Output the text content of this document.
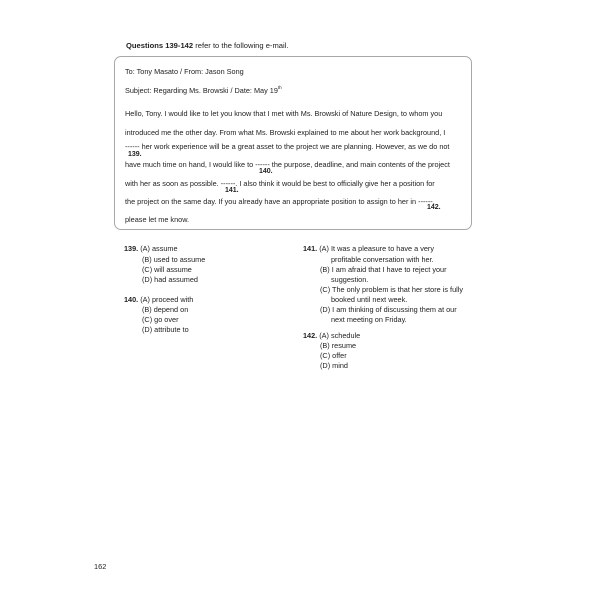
Questions 139-142 refer to the following e-mail.
To: Tony Masato / From: Jason Song
Subject: Regarding Ms. Browski / Date: May 19th
Hello, Tony. I would like to let you know that I met with Ms. Browski of Nature Design, to whom you
introduced me the other day. From what Ms. Browski explained to me about her work background, I
------ her work experience will be a great asset to the project we are planning. However, as we do not
139.
have much time on hand, I would like to ------ the purpose, deadline, and main contents of the project
140.
with her as soon as possible. ------. I also think it would be best to officially give her a position for
141.
the project on the same day. If you already have an appropriate position to assign to her in ------,
142.
please let me know.
139. (A) assume
(B) used to assume
(C) will assume
(D) had assumed
140. (A) proceed with
(B) depend on
(C) go over
(D) attribute to
141. (A) It was a pleasure to have a very
profitable conversation with her.
(B) I am afraid that I have to reject your
suggestion.
(C) The only problem is that her store is fully
booked until next week.
(D) I am thinking of discussing them at our
next meeting on Friday.
142. (A) schedule
(B) resume
(C) offer
(D) mind
162
